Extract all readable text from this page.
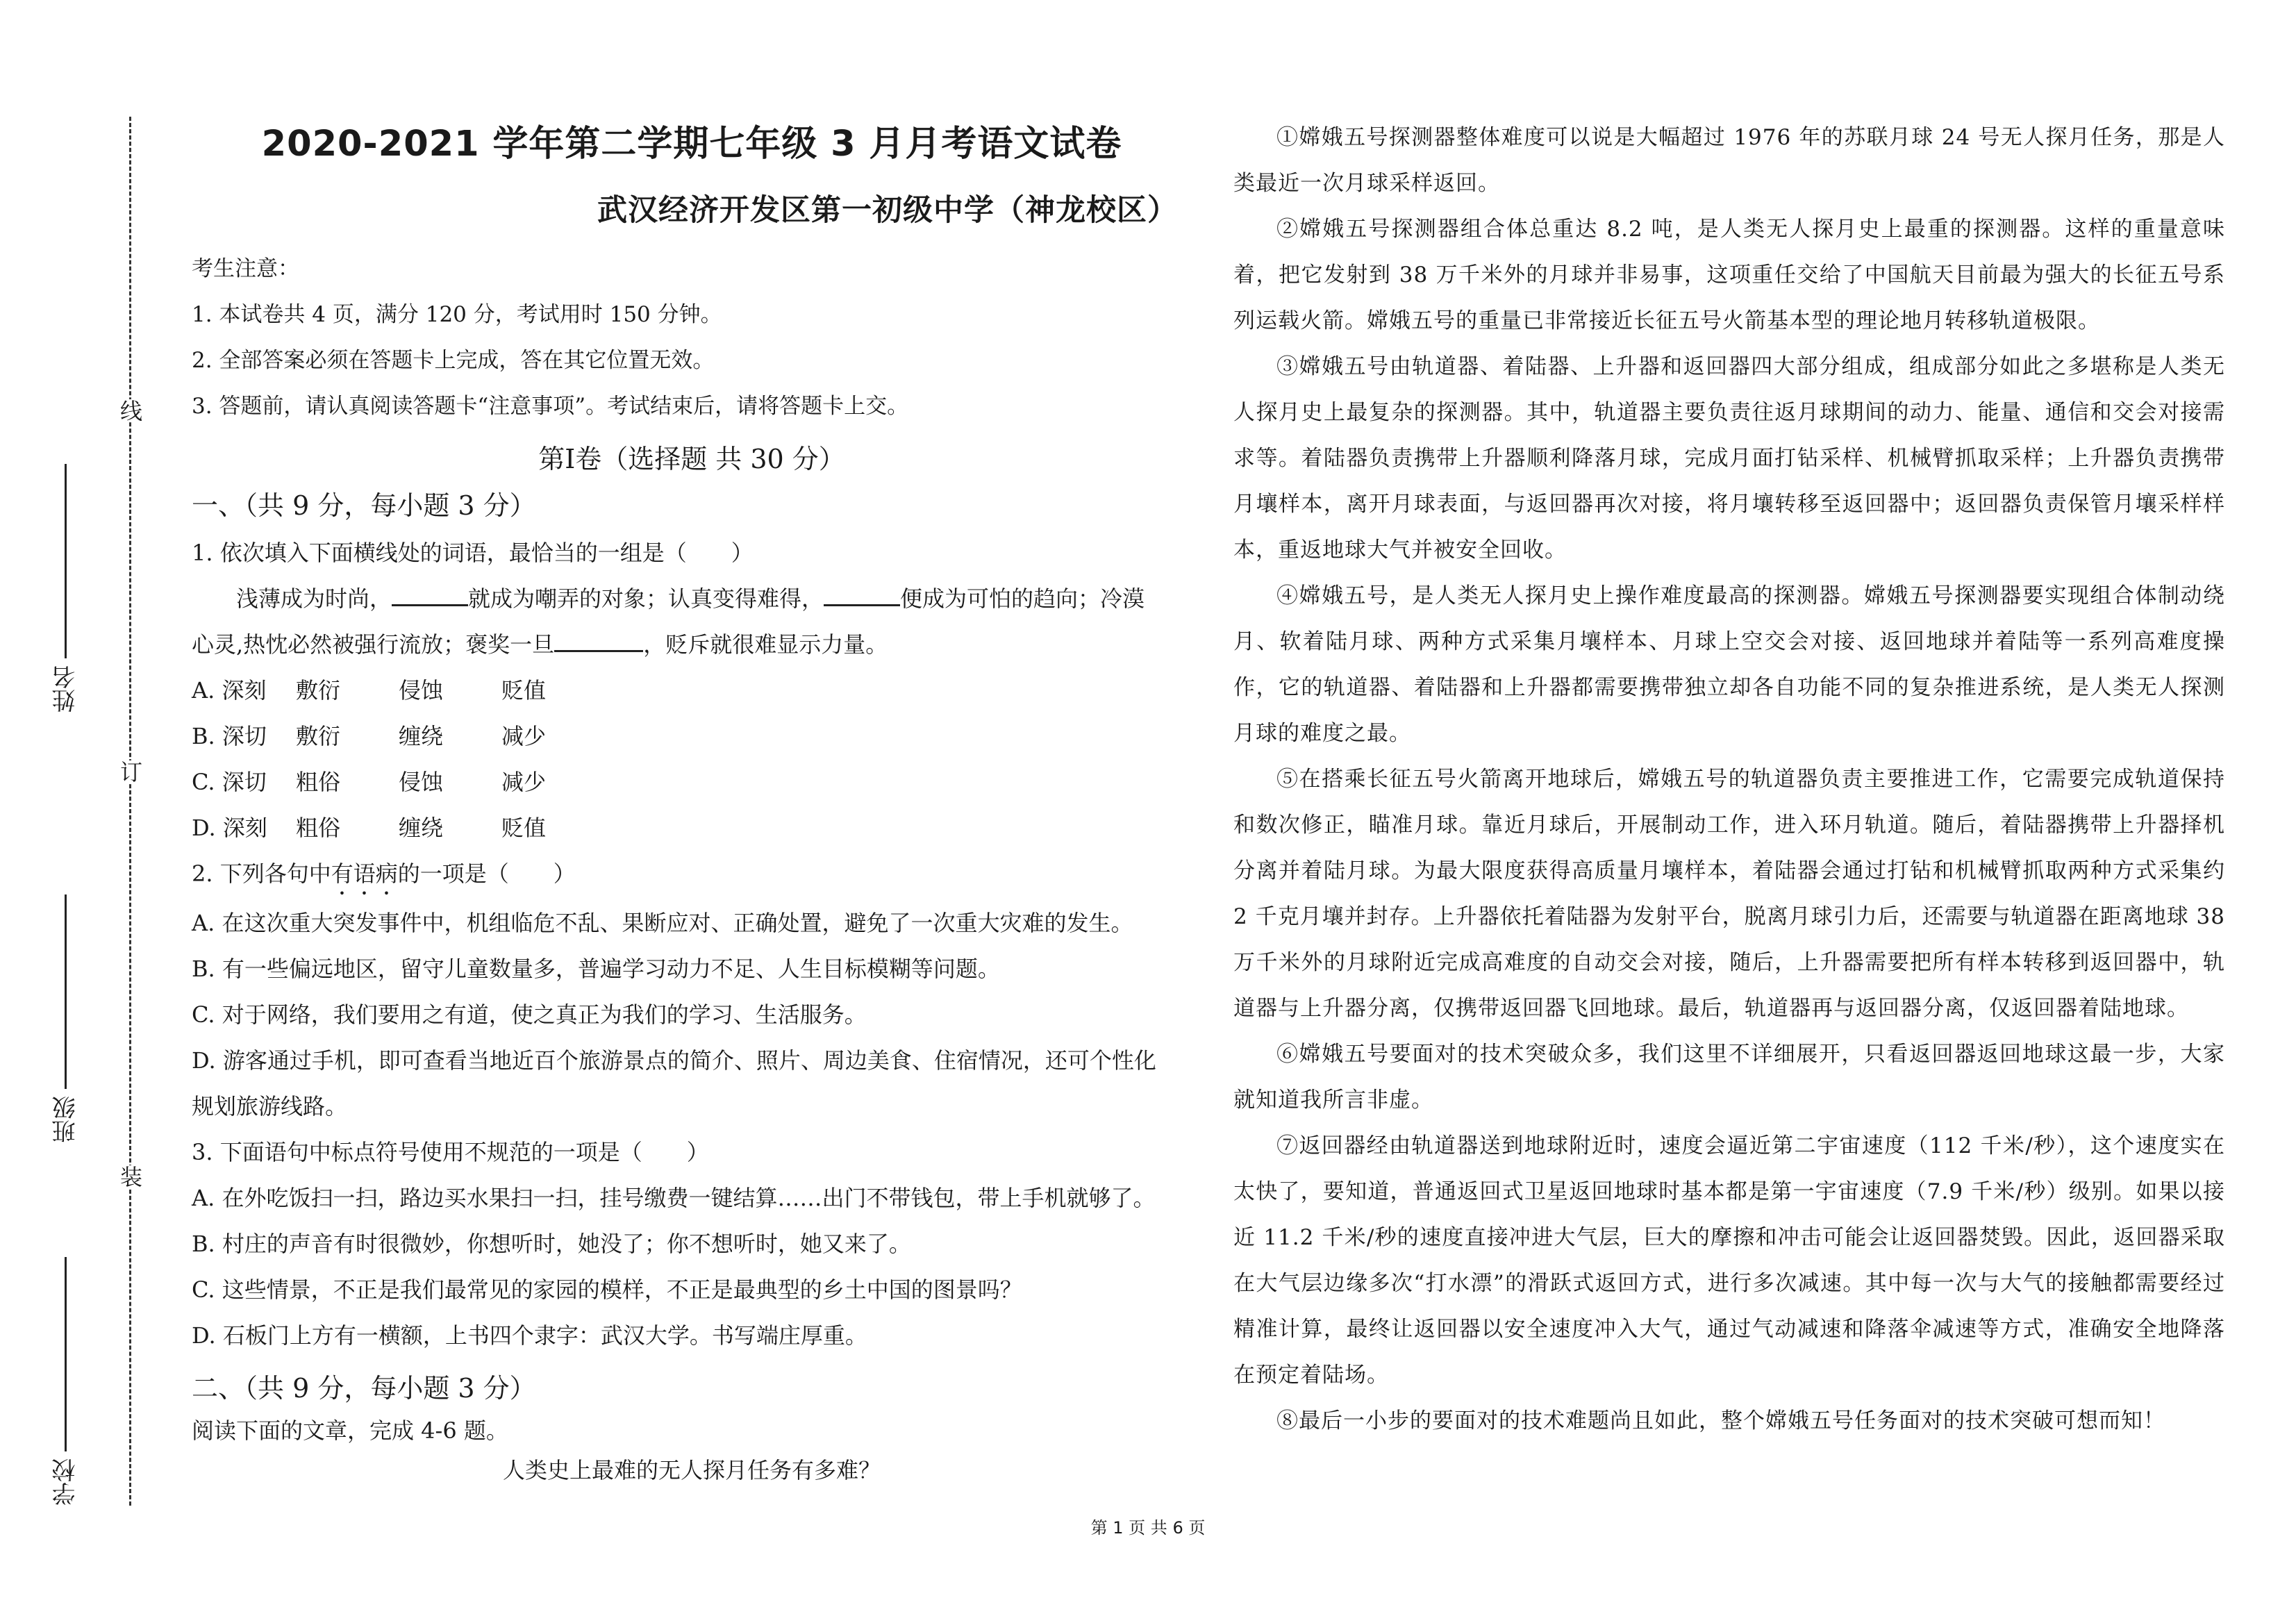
线
订
装
姓名
班级
学校
2020-2021 学年第二学期七年级 3 月月考语文试卷
武汉经济开发区第一初级中学（神龙校区）

考生注意：

1. 本试卷共 4 页，满分 120 分，考试用时 150 分钟。

2. 全部答案必须在答题卡上完成，答在其它位置无效。

3. 答题前，请认真阅读答题卡“注意事项”。考试结束后，请将答题卡上交。

第Ⅰ卷（选择题 共 30 分）
一、（共 9 分，每小题 3 分）

1. 依次填入下面横线处的词语，最恰当的一组是（　　）

浅薄成为时尚，	就成为嘲弄的对象；认真变得难得，	便成为可怕的趋向；冷漠

心灵,热忱必然被强行流放；褒奖一旦	，贬斥就很难显示力量。

A. 深刻	敷衍	侵蚀	贬值
B. 深切	敷衍	缠绕	减少
C. 深切	粗俗	侵蚀	减少
D. 深刻	粗俗	缠绕	贬值

2. 下列各句中有语病的一项是（　　）

A. 在这次重大突发事件中，机组临危不乱、果断应对、正确处置，避免了一次重大灾难的发生。

B. 有一些偏远地区，留守儿童数量多，普遍学习动力不足、人生目标模糊等问题。

C. 对于网络，我们要用之有道，使之真正为我们的学习、生活服务。

D. 游客通过手机，即可查看当地近百个旅游景点的简介、照片、周边美食、住宿情况，还可个性化

规划旅游线路。

3. 下面语句中标点符号使用不规范的一项是（　　）

A. 在外吃饭扫一扫，路边买水果扫一扫，挂号缴费一键结算……出门不带钱包，带上手机就够了。

B. 村庄的声音有时很微妙，你想听时，她没了；你不想听时，她又来了。

C. 这些情景，不正是我们最常见的家园的模样，不正是最典型的乡土中国的图景吗？

D. 石板门上方有一横额，上书四个隶字：武汉大学。书写端庄厚重。

二、（共 9 分，每小题 3 分）

阅读下面的文章，完成 4-6 题。

人类史上最难的无人探月任务有多难？

①嫦娥五号探测器整体难度可以说是大幅超过 1976 年的苏联月球 24 号无人探月任务，那是人类最近一次月球采样返回。

②嫦娥五号探测器组合体总重达 8.2 吨，是人类无人探月史上最重的探测器。这样的重量意味着，把它发射到 38 万千米外的月球并非易事，这项重任交给了中国航天目前最为强大的长征五号系列运载火箭。嫦娥五号的重量已非常接近长征五号火箭基本型的理论地月转移轨道极限。

③嫦娥五号由轨道器、着陆器、上升器和返回器四大部分组成，组成部分如此之多堪称是人类无人探月史上最复杂的探测器。其中，轨道器主要负责往返月球期间的动力、能量、通信和交会对接需求等。着陆器负责携带上升器顺利降落月球，完成月面打钻采样、机械臂抓取采样；上升器负责携带月壤样本，离开月球表面，与返回器再次对接，将月壤转移至返回器中；返回器负责保管月壤采样样本，重返地球大气并被安全回收。

④嫦娥五号，是人类无人探月史上操作难度最高的探测器。嫦娥五号探测器要实现组合体制动绕月、软着陆月球、两种方式采集月壤样本、月球上空交会对接、返回地球并着陆等一系列高难度操作，它的轨道器、着陆器和上升器都需要携带独立却各自功能不同的复杂推进系统，是人类无人探测月球的难度之最。

⑤在搭乘长征五号火箭离开地球后，嫦娥五号的轨道器负责主要推进工作，它需要完成轨道保持和数次修正，瞄准月球。靠近月球后，开展制动工作，进入环月轨道。随后，着陆器携带上升器择机分离并着陆月球。为最大限度获得高质量月壤样本，着陆器会通过打钻和机械臂抓取两种方式采集约 2 千克月壤并封存。上升器依托着陆器为发射平台，脱离月球引力后，还需要与轨道器在距离地球 38 万千米外的月球附近完成高难度的自动交会对接，随后，上升器需要把所有样本转移到返回器中，轨道器与上升器分离，仅携带返回器飞回地球。最后，轨道器再与返回器分离，仅返回器着陆地球。

⑥嫦娥五号要面对的技术突破众多，我们这里不详细展开，只看返回器返回地球这最一步，大家就知道我所言非虚。

⑦返回器经由轨道器送到地球附近时，速度会逼近第二宇宙速度（112 千米/秒），这个速度实在太快了，要知道，普通返回式卫星返回地球时基本都是第一宇宙速度（7.9 千米/秒）级别。如果以接近 11.2 千米/秒的速度直接冲进大气层，巨大的摩擦和冲击可能会让返回器焚毁。因此，返回器采取在大气层边缘多次“打水漂”的滑跃式返回方式，进行多次减速。其中每一次与大气的接触都需要经过精准计算，最终让返回器以安全速度冲入大气，通过气动减速和降落伞减速等方式，准确安全地降落在预定着陆场。

⑧最后一小步的要面对的技术难题尚且如此，整个嫦娥五号任务面对的技术突破可想而知！

第 1 页 共 6 页
